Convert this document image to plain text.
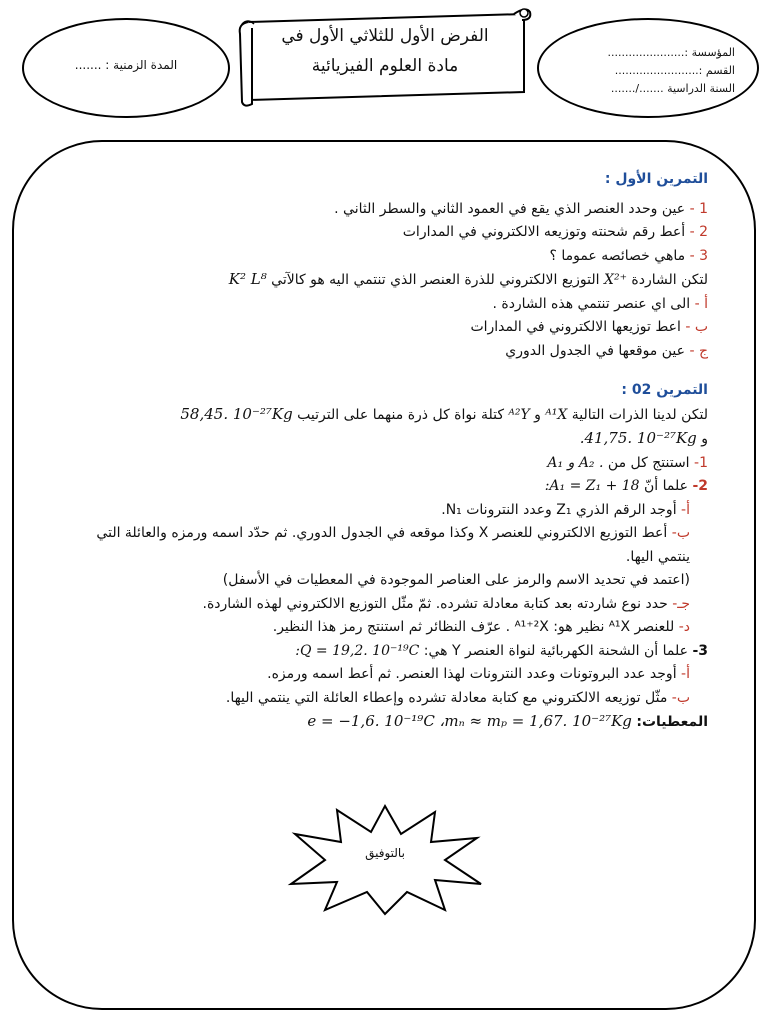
المدة الزمنية : .......
المؤسسة :......................
القسم :........................
السنة الدراسية ......./.......
الفرض الأول للثلاثي الأول في
مادة العلوم الفيزيائية

التمرين الأول :

1 - عين وحدد العنصر الذي يقع في العمود الثاني والسطر الثاني .

2 - أعط رقم شحنته وتوزيعه الالكتروني في المدارات

3 - ماهي خصائصه عموما ؟

لتكن الشاردة X²⁺ التوزيع الالكتروني للذرة العنصر الذي تنتمي اليه هو كالآتي K² L⁸

أ - الى اي عنصر تنتمي هذه الشاردة .

ب - اعط توزيعها الالكتروني في المدارات

ج - عين موقعها في الجدول الدوري

التمرين 02 :

لتكن لدينا الذرات التالية ᴬ¹X و ᴬ²Y كتلة نواة كل ذرة منهما على الترتيب 58,45. 10⁻²⁷Kg

و .41,75. 10⁻²⁷Kg

1- استنتج كل من A₁ و A₂ .

2- علما أنّ :A₁ = Z₁ + 18

أ- أوجد الرقم الذري Z₁ وعدد النترونات N₁.

ب- أعط التوزيع الالكتروني للعنصر X وكذا موقعه في الجدول الدوري. ثم حدّد اسمه ورمزه والعائلة التي ينتمي اليها.

(اعتمد في تحديد الاسم والرمز على العناصر الموجودة في المعطيات في الأسفل)

جـ- حدد نوع شاردته بعد كتابة معادلة تشرده. ثمّ مثّل التوزيع الالكتروني لهذه الشاردة.

د- للعنصر ᴬ¹X نظير هو: ᴬ¹⁺²X . عرّف النظائر ثم استنتج رمز هذا النظير.

3- علما أن الشحنة الكهربائية لنواة العنصر Y هي: :Q = 19,2. 10⁻¹⁹C

أ- أوجد عدد البروتونات وعدد النترونات لهذا العنصر. ثم أعط اسمه ورمزه.

ب- مثّل توزيعه الالكتروني مع كتابة معادلة تشرده وإعطاء العائلة التي ينتمي اليها.

المعطيات: e = −1,6. 10⁻¹⁹C ،mₙ ≈ mₚ = 1,67. 10⁻²⁷Kg

بالتوفيق
